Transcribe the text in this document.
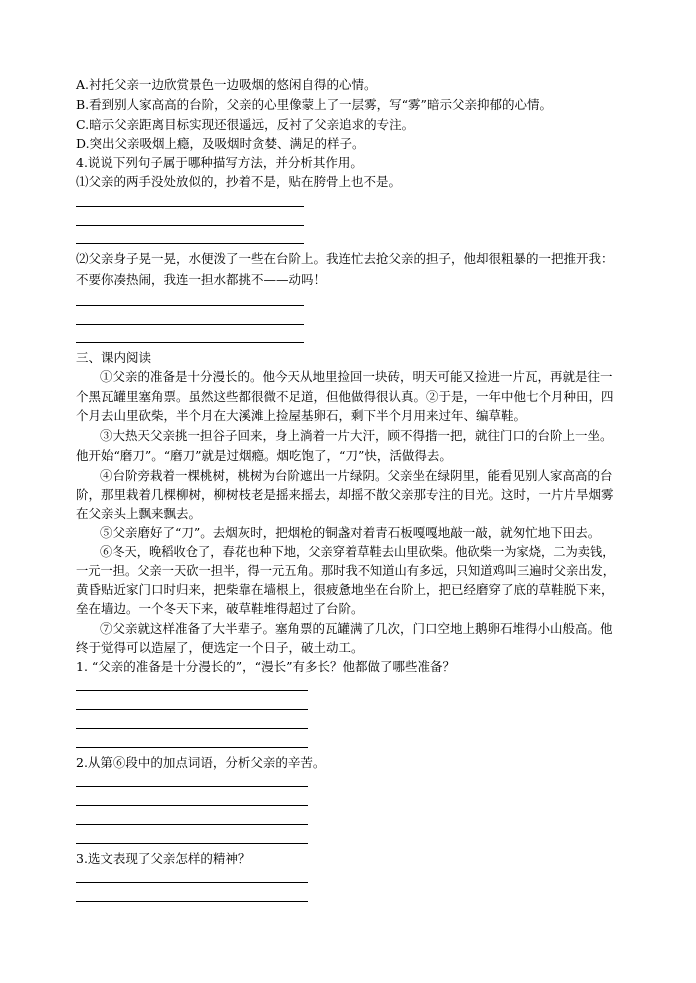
A.衬托父亲一边欣赏景色一边吸烟的悠闲自得的心情。
B.看到别人家高高的台阶，父亲的心里像蒙上了一层雾，写“雾”暗示父亲抑郁的心情。
C.暗示父亲距离目标实现还很遥远，反衬了父亲追求的专注。
D.突出父亲吸烟上瘾，及吸烟时贪婪、满足的样子。
4.说说下列句子属于哪种描写方法，并分析其作用。
⑴父亲的两手没处放似的，抄着不是，贴在胯骨上也不是。
⑵父亲身子晃一晃，水便泼了一些在台阶上。我连忙去抢父亲的担子，他却很粗暴的一把推开我：
不要你凑热闹，我连一担水都挑不——动吗！
三、课内阅读
①父亲的准备是十分漫长的。他今天从地里捡回一块砖，明天可能又捡进一片瓦，再就是往一
个黑瓦罐里塞角票。虽然这些都很微不足道，但他做得很认真。②于是，一年中他七个月种田，四
个月去山里砍柴，半个月在大溪滩上捡屋基卵石，剩下半个月用来过年、编草鞋。
③大热天父亲挑一担谷子回来，身上淌着一片大汗，顾不得揩一把，就往门口的台阶上一坐。
他开始“磨刀”。“磨刀”就是过烟瘾。烟吃饱了，“刀”快，活做得去。
④台阶旁栽着一棵桃树，桃树为台阶遮出一片绿阴。父亲坐在绿阴里，能看见别人家高高的台
阶，那里栽着几棵柳树，柳树枝老是摇来摇去，却摇不散父亲那专注的目光。这时，一片片旱烟雾
在父亲头上飘来飘去。
⑤父亲磨好了“刀”。去烟灰时，把烟枪的铜盏对着青石板嘎嘎地敲一敲，就匆忙地下田去。
⑥冬天，晚稻收仓了，春花也种下地，父亲穿着草鞋去山里砍柴。他砍柴一为家烧，二为卖钱，
一元一担。父亲一天砍一担半，得一元五角。那时我不知道山有多远，只知道鸡叫三遍时父亲出发，
黄昏贴近家门口时归来，把柴靠在墙根上，很疲惫地坐在台阶上，把已经磨穿了底的草鞋脱下来，
垒在墙边。一个冬天下来，破草鞋堆得超过了台阶。
⑦父亲就这样准备了大半辈子。塞角票的瓦罐满了几次，门口空地上鹅卵石堆得小山般高。他
终于觉得可以造屋了，便选定一个日子，破土动工。
1. “父亲的准备是十分漫长的”，“漫长”有多长？他都做了哪些准备？
2.从第⑥段中的加点词语，分析父亲的辛苦。
3.选文表现了父亲怎样的精神？
